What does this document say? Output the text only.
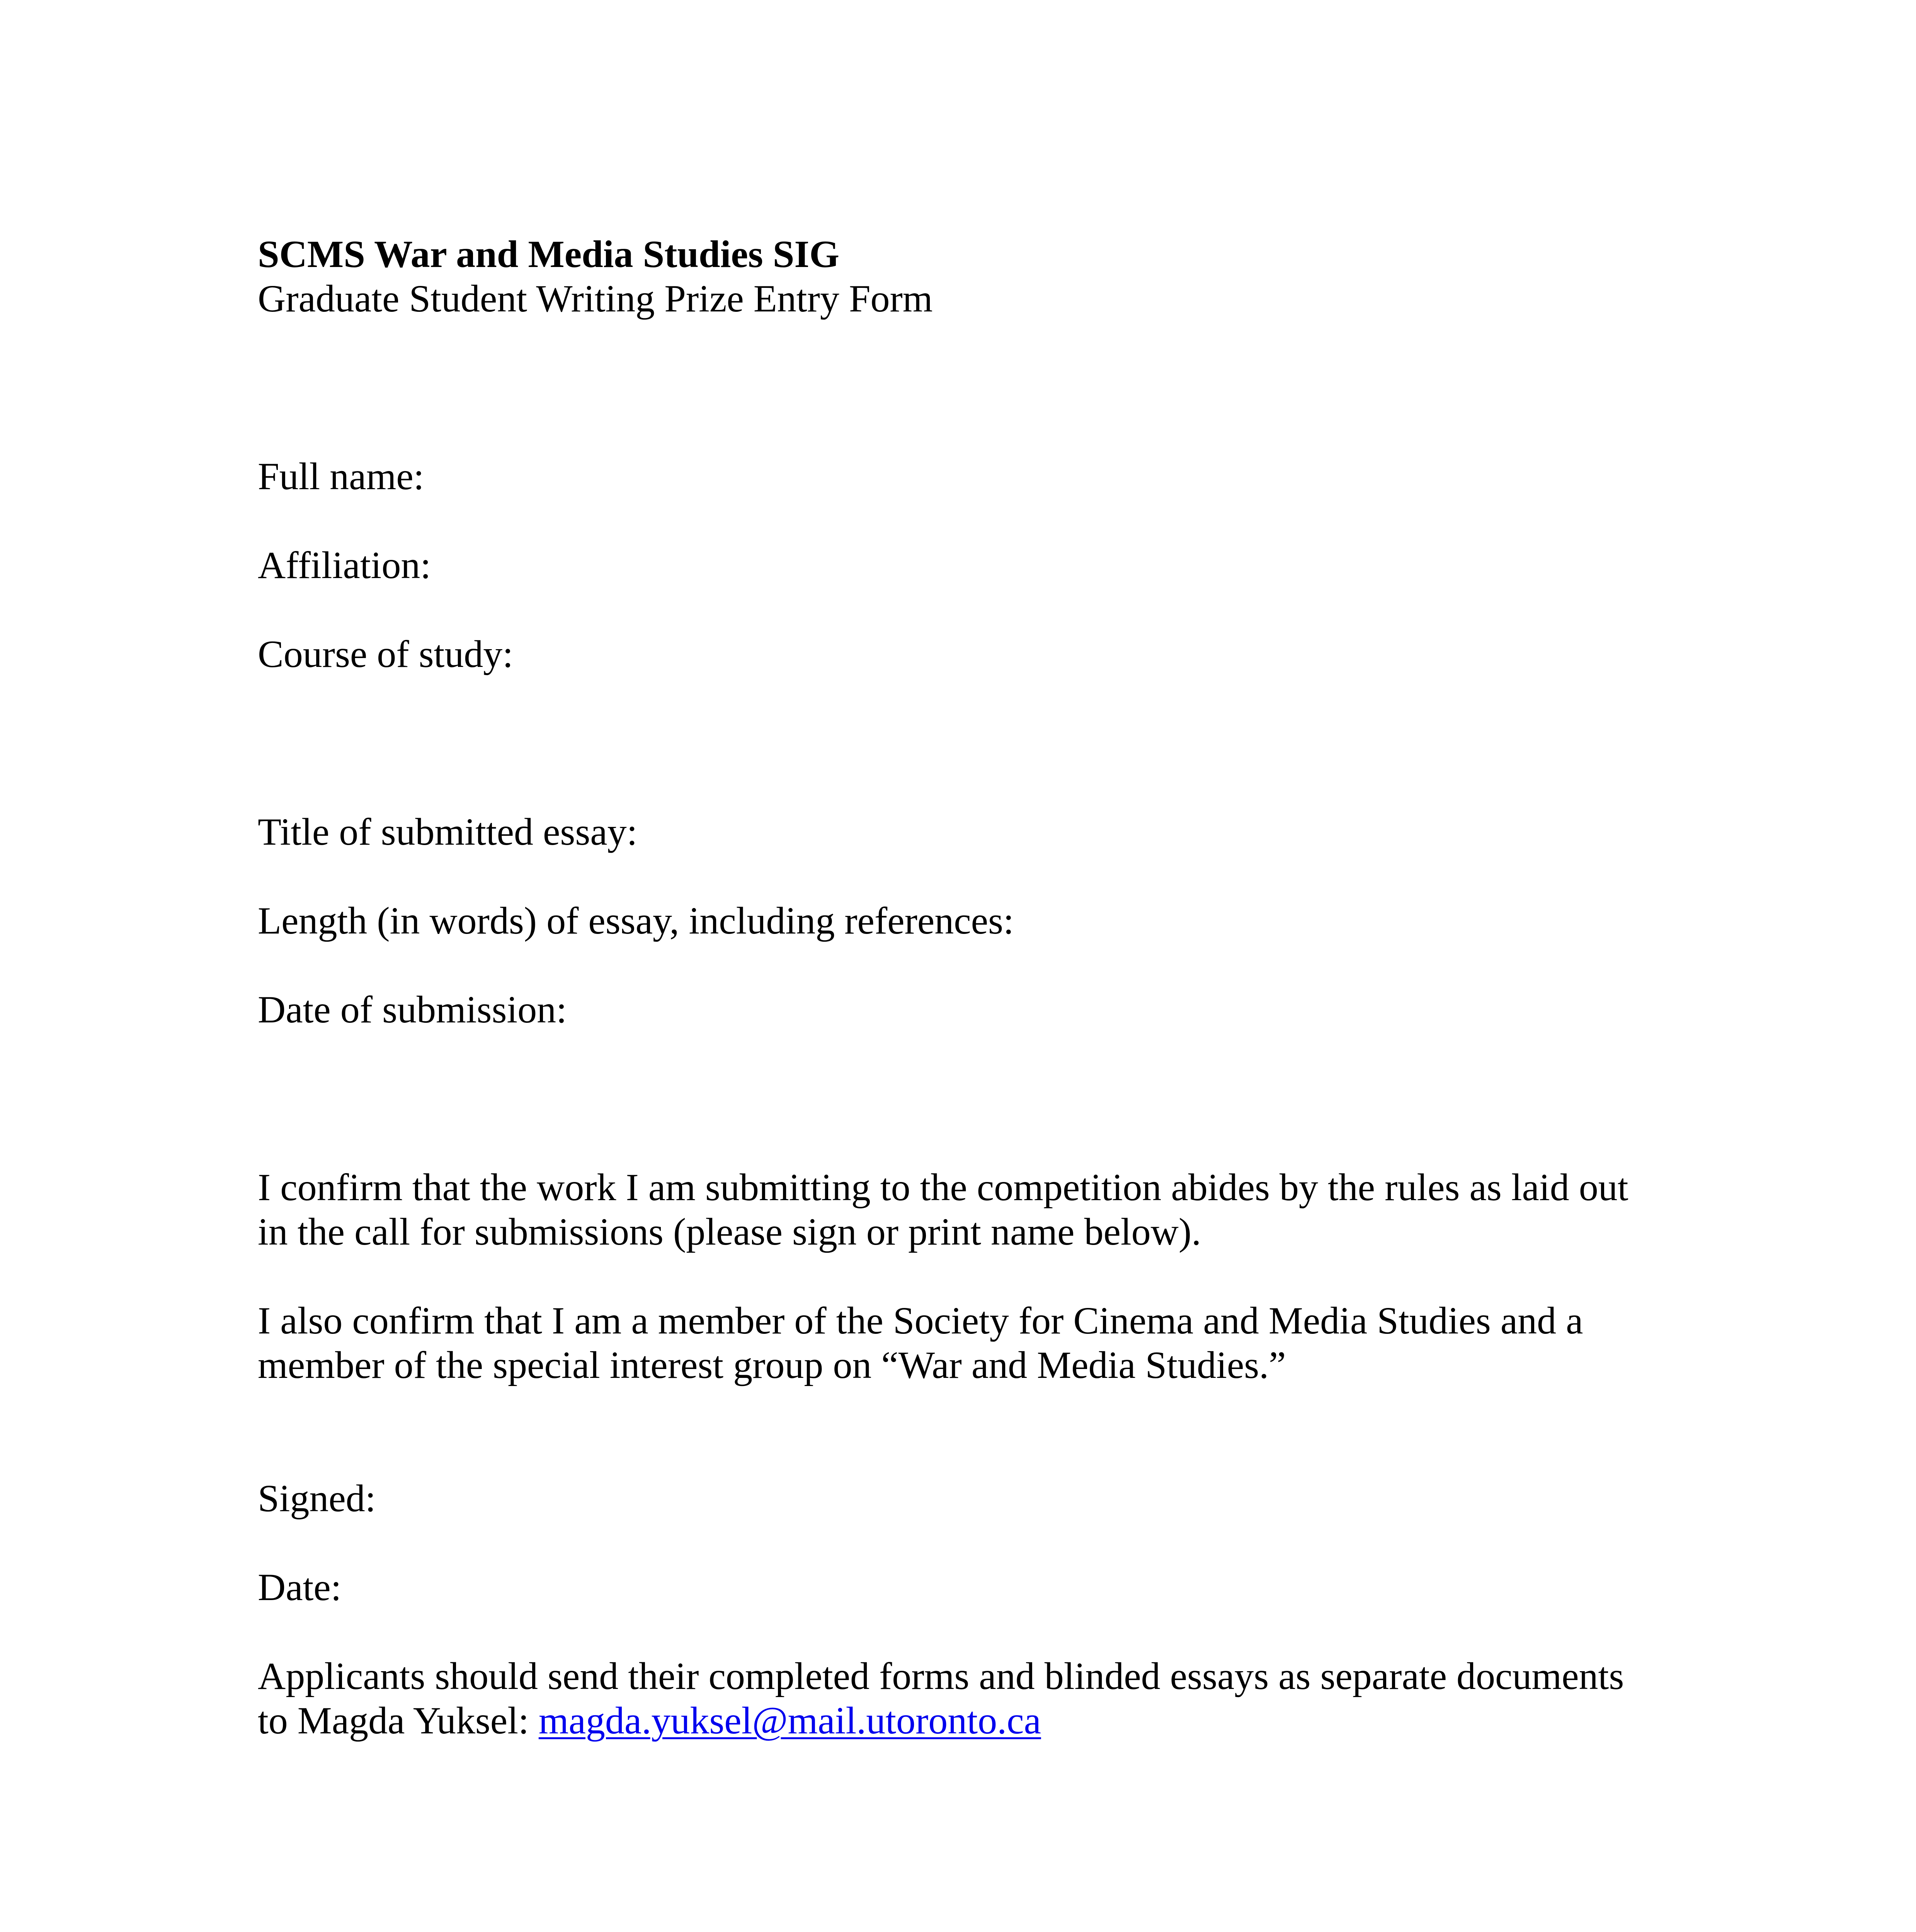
SCMS War and Media Studies SIG
Graduate Student Writing Prize Entry Form
Full name:
Affiliation:
Course of study:
Title of submitted essay:
Length (in words) of essay, including references:
Date of submission:

I confirm that the work I am submitting to the competition abides by the rules as laid out
in the call for submissions (please sign or print name below).

I also confirm that I am a member of the Society for Cinema and Media Studies and a
member of the special interest group on “War and Media Studies.”

Signed:
Date:

Applicants should send their completed forms and blinded essays as separate documents
to Magda Yuksel: magda.yuksel@mail.utoronto.ca
